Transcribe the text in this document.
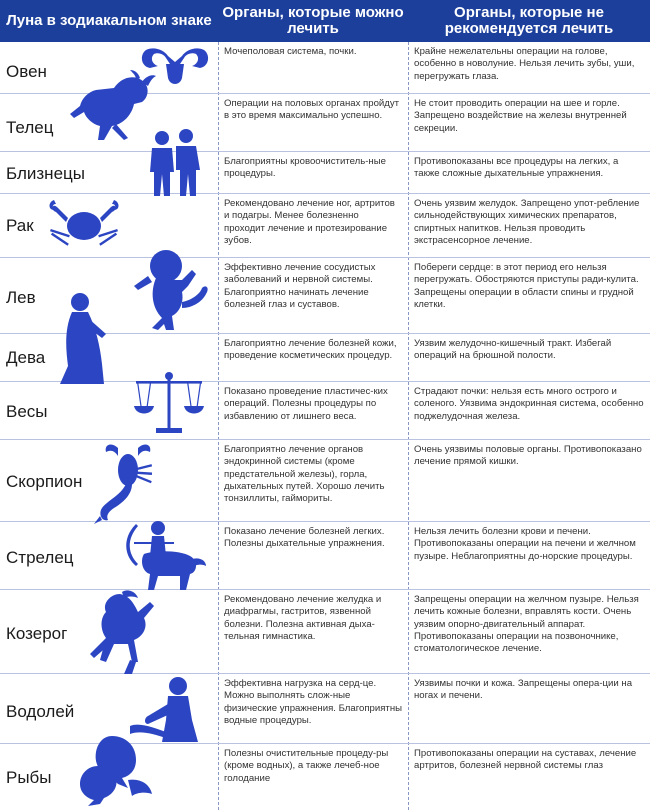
Луна в зодиакальном знаке Органы, которые можно лечить
Органы, которые не рекомендуется лечить
Овен

Мочеполовая система, почки.	Крайне нежелательны операции на голове, особенно в новолуние. Нельзя лечить зубы, уши, перегружать глаза.

Телец

Операции на половых органах пройдут в это время максимально успешно.

Не стоит проводить операции на шее и горле. Запрещено воздействие на железы внутренней секреции.

Близнецы

Благоприятны кровоочиститель-ные процедуры.

Противопоказаны все процедуры на легких, а также сложные дыхательные упражнения.

Рак

Рекомендовано лечение ног, артритов и подагры. Менее болезненно проходит лечение и протезирование зубов.

Очень уязвим желудок. Запрещено упот-ребление сильнодействующих химических препаратов, спиртных напитков. Нельзя проводить экстрасенсорное лечение.

Лев

Эффективно лечение сосудистых заболеваний и нервной системы. Благоприятно начинать лечение болезней глаз и суставов.

Побереги сердце: в этот период его нельзя перегружать. Обостряются приступы ради-кулита. Запрещены операции в области спины и грудной клетки.

Дева

Благоприятно лечение болезней кожи, проведение косметических процедур.

Уязвим желудочно-кишечный тракт. Избегай операций на брюшной полости.

Весы

Показано проведение пластичес-ких операций. Полезны процедуры по избавлению от лишнего веса.

Страдают почки: нельзя есть много острого и соленого. Уязвима эндокринная система, особенно поджелудочная железа.

Скорпион

Благоприятно лечение органов эндокринной системы (кроме предстательной железы), горла, дыхательных путей. Хорошо лечить тонзиллиты, гаймориты.

Очень уязвимы половые органы. Противопоказано лечение прямой кишки.

Стрелец

Показано лечение болезней легких. Полезны дыхательные упражнения.

Нельзя лечить болезни крови и печени. Противопоказаны операции на печени и желчном пузыре. Неблагоприятны до-норские процедуры.

Козерог

Рекомендовано лечение желудка и диафрагмы, гастритов, язвенной болезни. Полезна активная дыха-тельная гимнастика.

Запрещены операции на желчном пузыре. Нельзя лечить кожные болезни, вправлять кости. Очень уязвим опорно-двигательный аппарат. Противопоказаны операции на позвоночнике, стоматологическое лечение.

Водолей

Эффективна нагрузка на серд-це. Можно выполнять слож-ные физические упражнения. Благоприятны водные процедуры.

Уязвимы почки и кожа. Запрещены опера-ции на ногах и печени.

Рыбы

Полезны очистительные процеду-ры (кроме водных), а также лечеб-ное голодание

Противопоказаны операции на суставах, лечение артритов, болезней нервной системы глаз
